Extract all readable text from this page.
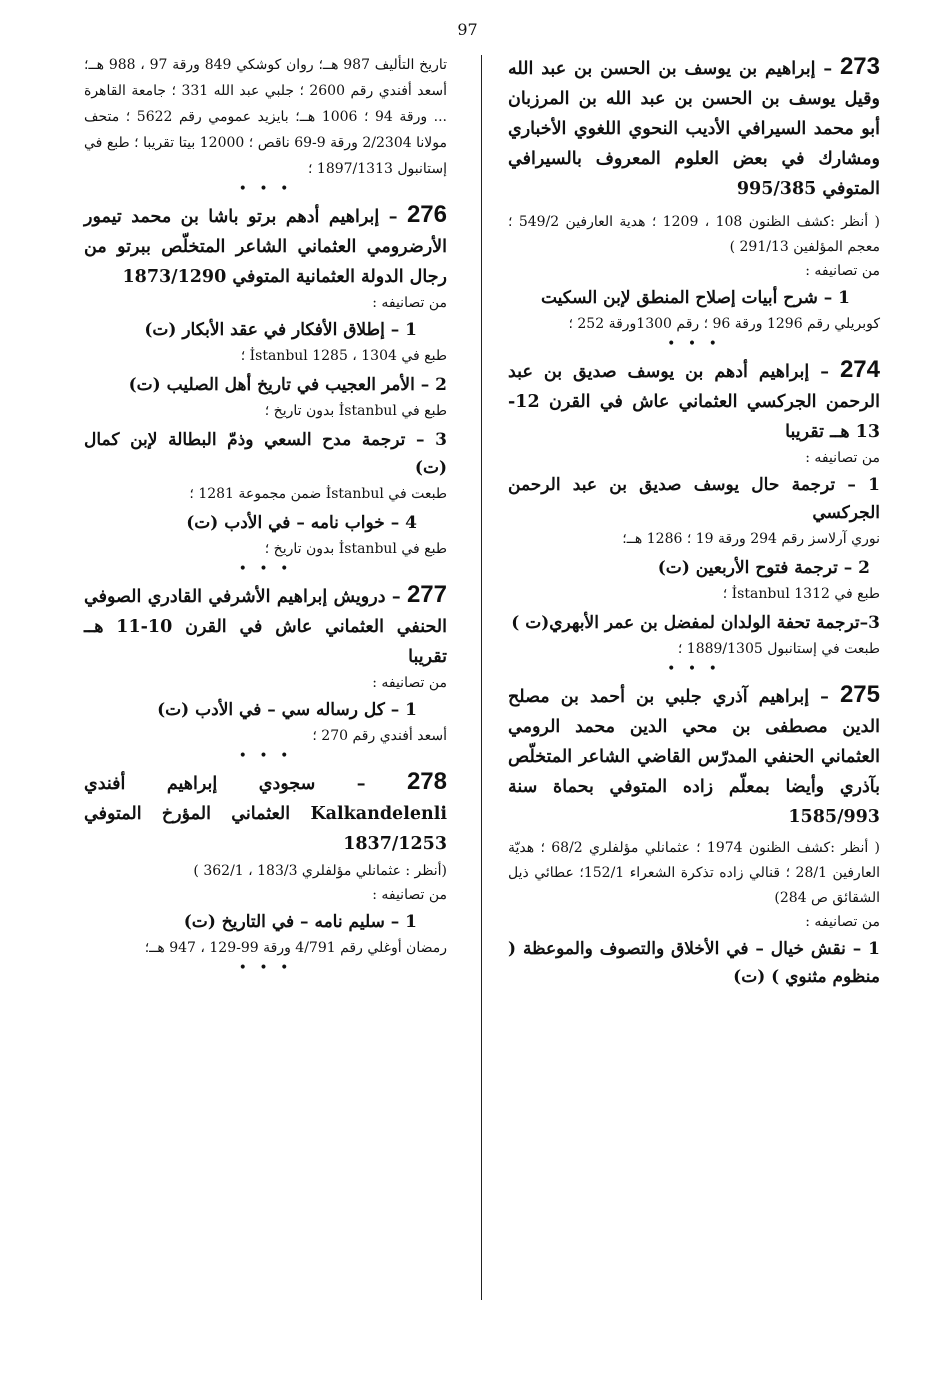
97

273 – إبراهيم بن يوسف بن الحسن بن عبد الله وقيل يوسف بن الحسن بن عبد الله بن المرزبان أبو محمد السيرافي الأديب النحوي اللغوي الأخباري ومشارك في بعض العلوم المعروف بالسيرافي المتوفي 995/385

( أنظر :كشف الظنون 108 ، 1209 ؛ هدية العارفين 549/2 ؛ معجم المؤلفين 291/13 )

من تصانيفه :

1 – شرح أبيات إصلاح المنطق لإبن السكيت

كوبريلي رقم 1296 ورقة 96 ؛ رقم 1300ورقة 252 ؛

• • •

274 – إبراهيم أدهم بن يوسف صديق بن عبد الرحمن الجركسي العثماني عاش في القرن 12-13 هــ تقريبا

من تصانيفه :

1 – ترجمة حال يوسف صديق بن عبد الرحمن الجركسي

نوري آرلاسز رقم 294 ورقة 19 ؛ 1286 هــ؛

2 – ترجمة فتوح الأربعين (ت)

طبع في İstanbul 1312 ؛

3–ترجمة تحفة الولدان لمفضل بن عمر الأبهري(ت )

طبعت في إستانبول 1889/1305 ؛

• • •

275 – إبراهيم آذري جلبي بن أحمد بن مصلح الدين مصطفى بن محي الدين محمد الرومي العثماني الحنفي المدرّس القاضي الشاعر المتخلّص بآذري وأيضا بمعلّم زاده المتوفي بحماة سنة 1585/993

( أنظر :كشف الظنون 1974 ؛ عثمانلي مؤلفلري 68/2 ؛ هديّة العارفين 28/1 ؛ قنالي زاده تذكرة الشعراء 152/1؛ عطائي ذيل الشقائق ص 284)

من تصانيفه :

1 – نقش خيال – في الأخلاق والتصوف والموعظة ( منظوم مثنوي ) (ت)

تاريخ التأليف 987 هــ؛ روان كوشكي 849 ورقة 97 ، 988 هــ؛ أسعد أفندي رقم 2600 ؛ جلبي عبد الله 331 ؛ جامعة القاهرة ... ورقة 94 ؛ 1006 هــ؛ بايزيد عمومي رقم 5622 ؛ متحف مولانا 2/2304 ورقة 9-69 ناقص ؛ 12000 بيتا تقريبا ؛ طبع في إستانبول 1897/1313 ؛

• • •

276 – إبراهيم أدهم برتو باشا بن محمد تيمور الأرضرومي العثماني الشاعر المتخلّص ببرتو من رجال الدولة العثمانية المتوفي 1873/1290

من تصانيفه :

1 – إطلاق الأفكار في عقد الأبكار (ت)

طبع في İstanbul 1285 ، 1304 ؛

2 – الأمر العجيب في تاريخ أهل الصليب (ت)

طبع في İstanbul بدون تاريخ ؛

3 – ترجمة مدح السعي وذمّ البطالة لإبن كمال (ت)

طبعت في İstanbul ضمن مجموعة 1281 ؛

4 – خواب نامه – في الأدب (ت)

طبع في İstanbul بدون تاريخ ؛

• • •

277 – درويش إبراهيم الأشرفي القادري الصوفي الحنفي العثماني عاش في القرن 10-11 هــ تقريبا

من تصانيفه :

1 – كل رساله سي – في الأدب (ت)

أسعد أفندي رقم 270 ؛

• • •

278 – سجودي إبراهيم أفندي Kalkandelenli العثماني المؤرخ المتوفي 1837/1253

(أنظر : عثمانلي مؤلفلري 183/3 ، 362/1 )

من تصانيفه :

1 – سليم نامه – في التاريخ (ت)

رمضان أوغلي رقم 4/791 ورقة 99-129 ، 947 هــ؛

• • •
